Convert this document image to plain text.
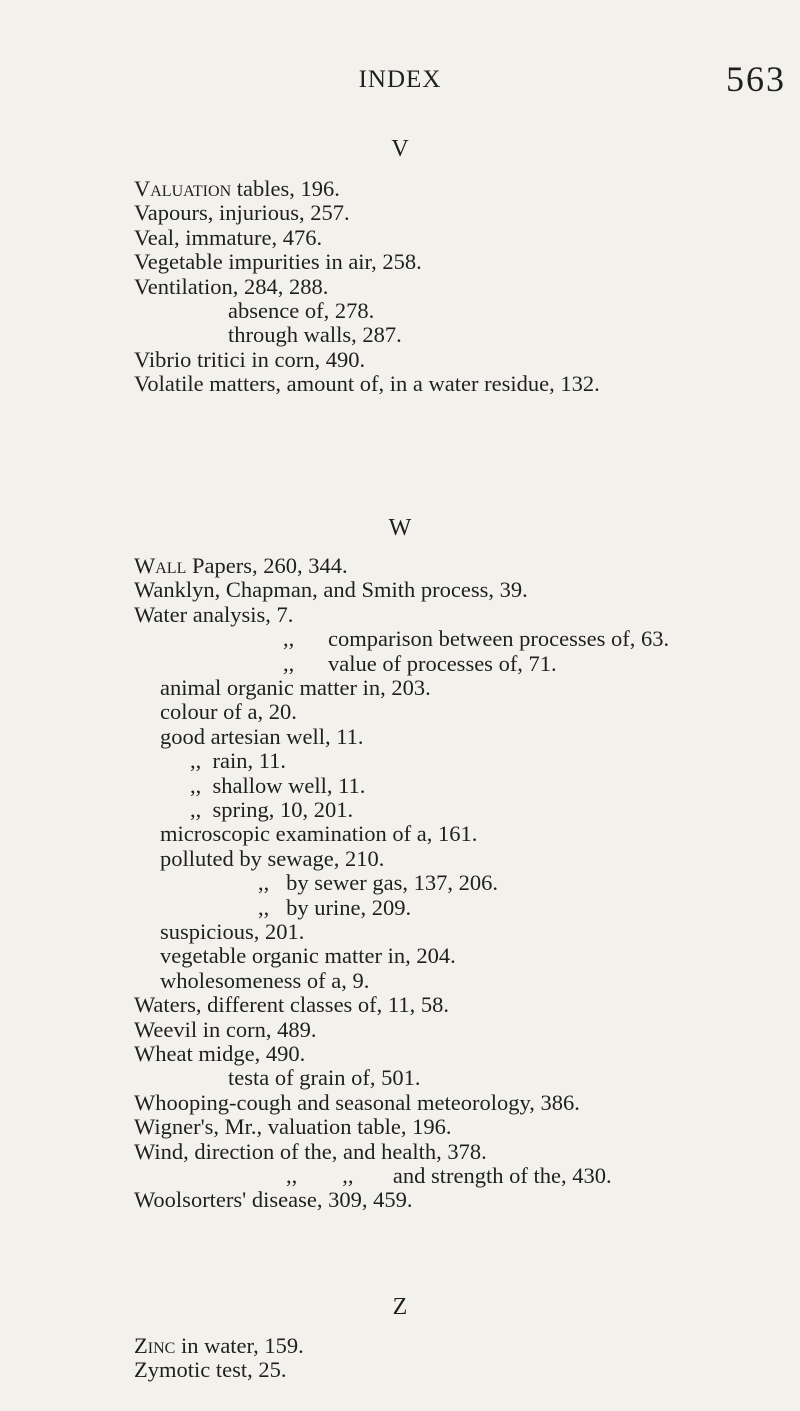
INDEX	563
V
Valuation tables, 196.
Vapours, injurious, 257.
Veal, immature, 476.
Vegetable impurities in air, 258.
Ventilation, 284, 288.
absence of, 278.
through walls, 287.
Vibrio tritici in corn, 490.
Volatile matters, amount of, in a water residue, 132.
W
Wall Papers, 260, 344.
Wanklyn, Chapman, and Smith process, 39.
Water analysis, 7.
,,      comparison between processes of, 63.
,,      value of processes of, 71.
animal organic matter in, 203.
colour of a, 20.
good artesian well, 11.
,,  rain, 11.
,,  shallow well, 11.
,,  spring, 10, 201.
microscopic examination of a, 161.
polluted by sewage, 210.
,,   by sewer gas, 137, 206.
,,   by urine, 209.
suspicious, 201.
vegetable organic matter in, 204.
wholesomeness of a, 9.
Waters, different classes of, 11, 58.
Weevil in corn, 489.
Wheat midge, 490.
testa of grain of, 501.
Whooping-cough and seasonal meteorology, 386.
Wigner's, Mr., valuation table, 196.
Wind, direction of the, and health, 378.
,,        ,,       and strength of the, 430.
Woolsorters' disease, 309, 459.
Z
Zinc in water, 159.
Zymotic test, 25.
